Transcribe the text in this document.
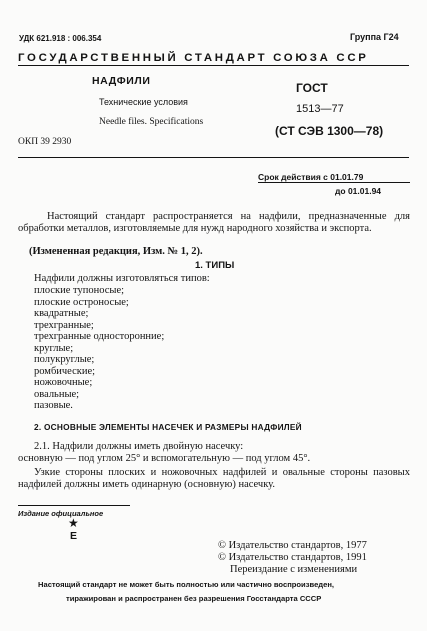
УДК 621.918 : 006.354	Группа Г24
ГОСУДАРСТВЕННЫЙ СТАНДАРТ СОЮЗА ССР
НАДФИЛИ
Технические условия
Needle files. Specifications
ОКП 39 2930
ГОСТ
1513—77
(СТ СЭВ 1300—78)
Срок действия с 01.01.79
до 01.01.94
Настоящий стандарт распространяется на надфили, предназначенные для обработки металлов, изготовляемые для нужд народного хозяйства и экспорта.
(Измененная редакция, Изм. № 1, 2).
1. ТИПЫ
Надфили должны изготовляться типов:
плоские тупоносые;
плоские остроносые;
квадратные;
трехгранные;
трехгранные односторонние;
круглые;
полукруглые;
ромбические;
ножовочные;
овальные;
пазовые.
2. ОСНОВНЫЕ ЭЛЕМЕНТЫ НАСЕЧЕК И РАЗМЕРЫ НАДФИЛЕЙ
2.1. Надфили должны иметь двойную насечку:
основную — под углом 25° и вспомогательную — под углом 45°.
Узкие стороны плоских и ножовочных надфилей и овальные стороны пазовых надфилей должны иметь одинарную (основную) насечку.
Издание официальное
★
Е
© Издательство стандартов, 1977
© Издательство стандартов, 1991
Переиздание с изменениями
Настоящий стандарт не может быть полностью или частично воспроизведен,
тиражирован и распространен без разрешения Госстандарта СССР
